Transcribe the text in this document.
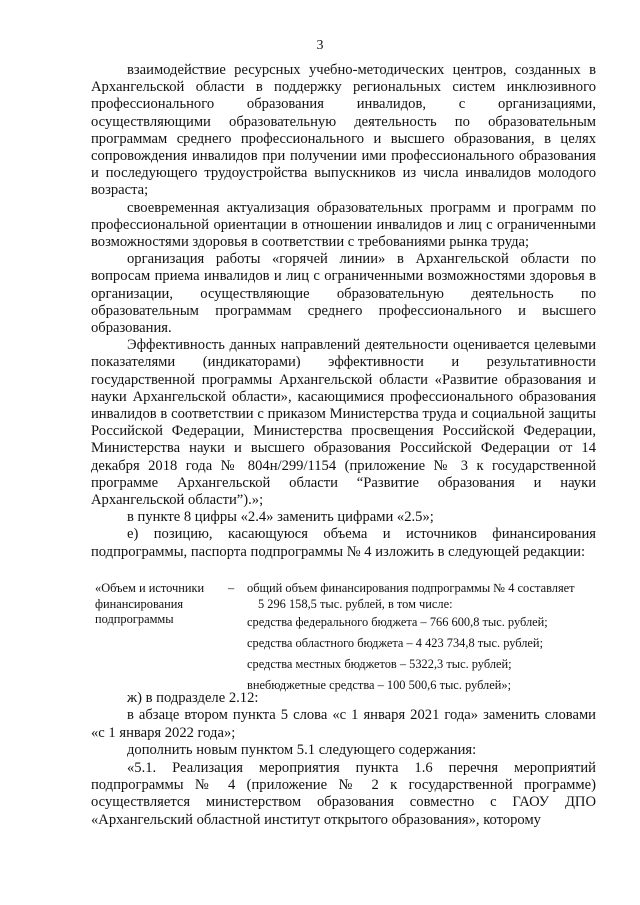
3

взаимодействие ресурсных учебно-методических центров, созданных в Архангельской области в поддержку региональных систем инклюзивного профессионального образования инвалидов, с организациями, осуществляющими образовательную деятельность по образовательным программам среднего профессионального и высшего образования, в целях сопровождения инвалидов при получении ими профессионального образования и последующего трудоустройства выпускников из числа инвалидов молодого возраста;

своевременная актуализация образовательных программ и программ по профессиональной ориентации в отношении инвалидов и лиц с ограниченными возможностями здоровья в соответствии с требованиями рынка труда;

организация работы «горячей линии» в Архангельской области по вопросам приема инвалидов и лиц с ограниченными возможностями здоровья в организации, осуществляющие образовательную деятельность по образовательным программам среднего профессионального и высшего образования.

Эффективность данных направлений деятельности оценивается целевыми показателями (индикаторами) эффективности и результативности государственной программы Архангельской области «Развитие образования и науки Архангельской области», касающимися профессионального образования инвалидов в соответствии с приказом Министерства труда и социальной защиты Российской Федерации, Министерства просвещения Российской Федерации, Министерства науки и высшего образования Российской Федерации от 14 декабря 2018 года № 804н/299/1154 (приложение № 3 к государственной программе Архангельской области “Развитие образования и науки Архангельской области”).»;

в пункте 8 цифры «2.4» заменить цифрами «2.5»;

е) позицию, касающуюся объема и источников финансирования подпрограммы, паспорта подпрограммы № 4 изложить в следующей редакции:

«Объем и источники финансирования подпрограммы
– общий объем финансирования подпрограммы № 4 составляет
5 296 158,5 тыс. рублей, в том числе:
средства федерального бюджета – 766 600,8 тыс. рублей;
средства областного бюджета – 4 423 734,8 тыс. рублей;
средства местных бюджетов – 5322,3 тыс. рублей;
внебюджетные средства – 100 500,6 тыс. рублей»;

ж) в подразделе 2.12:

в абзаце втором пункта 5 слова «с 1 января 2021 года» заменить словами «с 1 января 2022 года»;

дополнить новым пунктом 5.1 следующего содержания:

«5.1. Реализация мероприятия пункта 1.6 перечня мероприятий подпрограммы № 4 (приложение № 2 к государственной программе) осуществляется министерством образования совместно с ГАОУ ДПО «Архангельский областной институт открытого образования», которому
